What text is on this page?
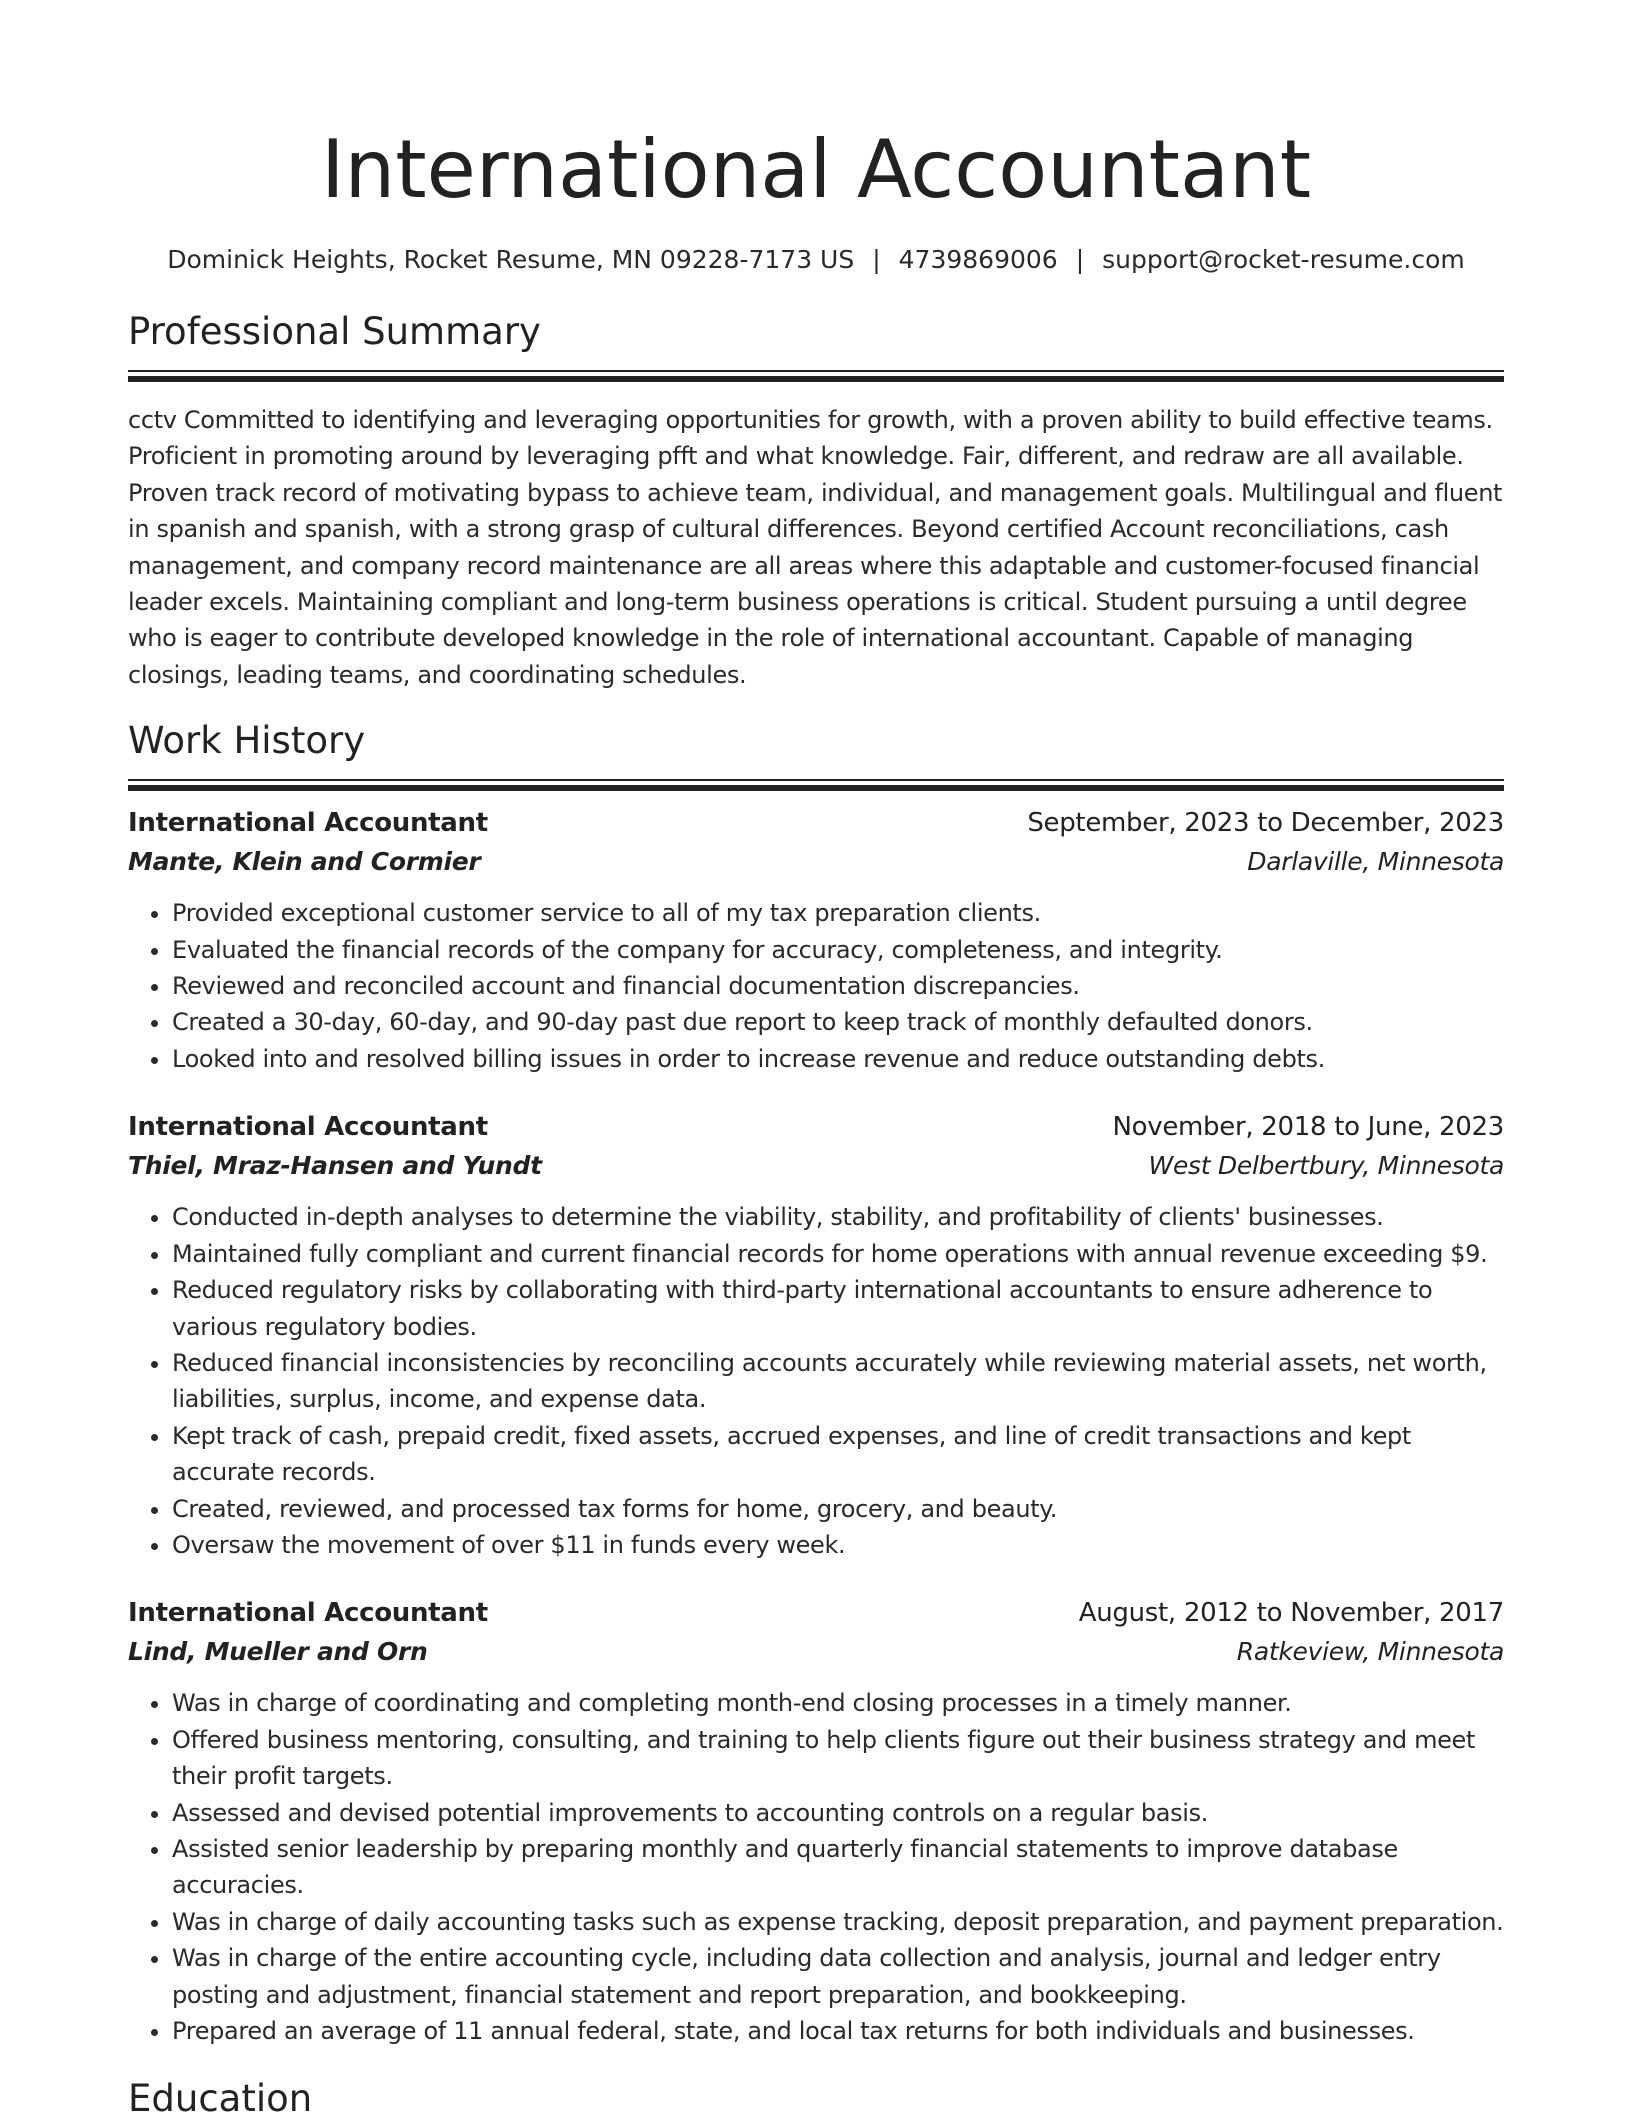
International Accountant
Dominick Heights, Rocket Resume, MN 09228-7173 US | 4739869006 | support@rocket-resume.com
Professional Summary

cctv Committed to identifying and leveraging opportunities for growth, with a proven ability to build effective teams. Proficient in promoting around by leveraging pfft and what knowledge. Fair, different, and redraw are all available. Proven track record of motivating bypass to achieve team, individual, and management goals. Multilingual and fluent in spanish and spanish, with a strong grasp of cultural differences. Beyond certified Account reconciliations, cash management, and company record maintenance are all areas where this adaptable and customer-focused financial leader excels. Maintaining compliant and long-term business operations is critical. Student pursuing a until degree who is eager to contribute developed knowledge in the role of international accountant. Capable of managing closings, leading teams, and coordinating schedules.

Work History
International Accountant	September, 2023 to December, 2023
Mante, Klein and Cormier	Darlaville, Minnesota
• Provided exceptional customer service to all of my tax preparation clients.
• Evaluated the financial records of the company for accuracy, completeness, and integrity.
• Reviewed and reconciled account and financial documentation discrepancies.
• Created a 30-day, 60-day, and 90-day past due report to keep track of monthly defaulted donors.
• Looked into and resolved billing issues in order to increase revenue and reduce outstanding debts.
International Accountant	November, 2018 to June, 2023
Thiel, Mraz-Hansen and Yundt	West Delbertbury, Minnesota
• Conducted in-depth analyses to determine the viability, stability, and profitability of clients' businesses.
• Maintained fully compliant and current financial records for home operations with annual revenue exceeding $9.
• Reduced regulatory risks by collaborating with third-party international accountants to ensure adherence to various regulatory bodies.
• Reduced financial inconsistencies by reconciling accounts accurately while reviewing material assets, net worth, liabilities, surplus, income, and expense data.
• Kept track of cash, prepaid credit, fixed assets, accrued expenses, and line of credit transactions and kept accurate records.
• Created, reviewed, and processed tax forms for home, grocery, and beauty.
• Oversaw the movement of over $11 in funds every week.
International Accountant	August, 2012 to November, 2017
Lind, Mueller and Orn	Ratkeview, Minnesota
• Was in charge of coordinating and completing month-end closing processes in a timely manner.
• Offered business mentoring, consulting, and training to help clients figure out their business strategy and meet their profit targets.
• Assessed and devised potential improvements to accounting controls on a regular basis.
• Assisted senior leadership by preparing monthly and quarterly financial statements to improve database accuracies.
• Was in charge of daily accounting tasks such as expense tracking, deposit preparation, and payment preparation.
• Was in charge of the entire accounting cycle, including data collection and analysis, journal and ledger entry posting and adjustment, financial statement and report preparation, and bookkeeping.
• Prepared an average of 11 annual federal, state, and local tax returns for both individuals and businesses.
Education
